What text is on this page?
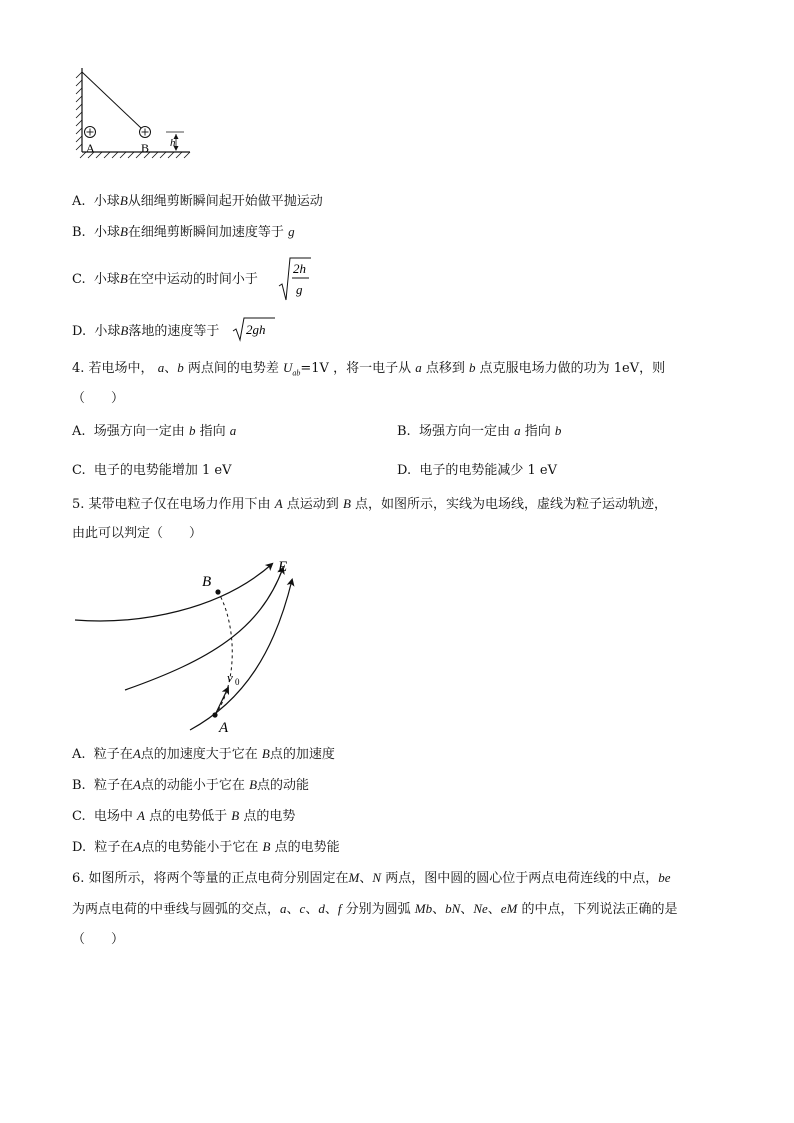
A	B h
A. 小球B从细绳剪断瞬间起开始做平抛运动
B. 小球B在细绳剪断瞬间加速度等于 g
C. 小球B在空中运动的时间小于
2h
g
D. 小球B落地的速度等于 2gh
4. 若电场中， a、b 两点间的电势差 $U_{ab}=1V$ ，将一电子从 a 点移到 b 点克服电场力做的功为 1eV，则
（　　）
A. 场强方向一定由 b 指向 a	B. 场强方向一定由 a 指向 b
C. 电子的电势能增加 1 eV	D. 电子的电势能减少 1 eV
5. 某带电粒子仅在电场力作用下由 A 点运动到 B 点，如图所示，实线为电场线，虚线为粒子运动轨迹，
由此可以判定（　　）
B
E
A
v 0
A. 粒子在A点的加速度大于它在 B点的加速度
B. 粒子在A点的动能小于它在 B点的动能
C. 电场中 A 点的电势低于 B 点的电势
D. 粒子在A点的电势能小于它在 B 点的电势能
6. 如图所示，将两个等量的正点电荷分别固定在M、N 两点，图中圆的圆心位于两点电荷连线的中点，be
为两点电荷的中垂线与圆弧的交点，a、c、d、f 分别为圆弧 Mb、bN、Ne、eM 的中点，下列说法正确的是
（　　）
